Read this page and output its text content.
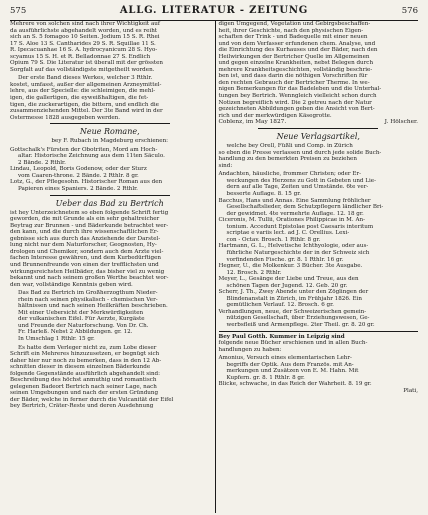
575	ALLG. LITERATUR - ZEITUNG	576

Mehrere von solchen sind nach ihrer Wichtigkeit auf

da ausführlichste abgehandelt worden, und es reiht

sich an S. 5 fomagoo 10 Seiten. Jodium 15 S. R. Rhei

17 S. Aloe 13 S. Cantharides 29 S. R. Squillae 11 S.

R. Ipecacuanhae 16 S. A. hydrocyanicum 28 S. Hyo-

scyamus 15 S. H. et R. Belladonnae 27 S. Endlich

Opium 79 S. Die Literatur ist überall mit der grössten

Sorgfalt auf das vollständigste mitgetheilt worden.

Der erste Band dieses Werkes, welcher 3 Rthlr.

kostet, umfasst, außer der allgemeinen Arzneymittel-

lehre, aus der Specielle: die schleimigen, die mehl-

igen, die gallertigen, die eyweißhaltigen, die fet-

tigen, die zuckerartigen, die bittern, und endlich die

zusammenziehenden Mittel. Der 3te Band wird in der

Ostermesse 1828 ausgegeben werden.

Neue Romane,

bey F. Rubach in Magdeburg erschienen:

Gottschalk's Fürsten der Obotriten, Mord am Hoch-

altar. Historische Zeichnung aus dem 11ten Säculo.

2 Bände. 2 Rthlr.

Lindau, Leopold, Boris Godenow, oder der Sturz

vom Caaren-throne. 2 Bände. 2 Rthlr. 8 gr.

Lotz, G., der Pflegesohn. Historischer Roman aus den

Papieren eines Spaniers. 2 Bände. 2 Rthlr.

Ueber das Bad zu Bertrich

ist hey Unterzeichnetem so eben folgende Schrift fertig

geworden, die mit Grunde als ein sehr gehaltreicher

Beytrag zur Brunnen - und Bäderkunde betrachtet wer-

den kann, und die durch ihre wissenschaftlichen Er-

gebnisse sich aus durch das Anziehende der Darstel-

lung nicht nur dem Naturforscher, Geognosten, Hy-

drologen und Chemiker, sondern auch dem Arzte viel-

fachen Interesse gewähren, und dem Kurbedürftigen

und Brunnenfreunde von einen der trefflichsten und

wirkungsreichsten Heilbäder, das bisher viel zu wenig

bekannt und nach seinem großen Werthe beachtet wor-

den war, vollständige Kenntnis geben wird.

Das Bad zu Bertrich im Großherzogthum Nieder-

rhein nach seinen physikalisch - chemischen Ver-

hältnissen und nach seinen Heilkräften beschrieben.

Mit einer Uebersicht der Merkwürdigkeiten

der vulkanischen Eifel. Für Aerzte, Kurgäste

und Freunde der Naturforschung. Von Dr. Ch.

Fr. Harleß. Nebst 2 Abbildungen. gr. 12.

In Umschlag 1 Rthlr. 15 gr.

Es hatte dem Verleger nicht zu, zum Lobe dieser

Schrift ein Mehreres hinzuzusetzen, er begnügt sich

daher hier nur noch zu bemerken, dass in den 12 Ab-

schnitten dieser in diesem einzelnen Bäderkunde

folgende Gegenstände ausführlich abgehandelt sind:

Beschreibung des höchst anmuthig und romantisch

gelegenen Badeort Bertrich nach seiner Lage, nach

seinen Umgebungen und nach der ersten Gründung

der Bäder, welche in ferner durch die Vulcanität der Eifel

bey Bertrich, Cräter-Reste und deren Ausdehnung

digen Umgegend, Vegetation und Gebirgsbeschaffen-

heit, ihrer Geschichte, nach den physischen Eigen-

schaften der Trink - und Badequelle mit einer neuen

und von dem Verfasser erfundenen chem. Analyse, und

die Einrichtung des Kurhauses und der Bäder, nach den

Heilwirkungen der Bertricher Quelle im Allgemeinen

und gegen einzelne Krankheiten, nebst Belegen durch

mehrere Krankheitsgeschichten, vollständig beschrie-

ben ist, und dass darin die nöthigen Vorschriften für

den rechten Gebrauch der Bertricher Therme. In we-

nigen Bemerkungen für das Badeleben und die Unterhal-

tungen bey Bertrich. Wenngleich vielleicht schon durch

Notizen begreiflich wird. Die 2 getreu nach der Natur

gezeichneten Abbildungen geben die Ansicht von Bert-

rich und der merkwürdigen Käsegrotte.

Coblenz, im May 1827.	J. Hölscher.
Neue Verlagsartikel,

welche bey Orell, Füßli und Comp. in Zürich

so eben die Presse verlassen und durch jede solide Buch-

handlung zu den bemerkten Preisen zu beziehen

sind:

Andachten, häusliche, frommer Christen; oder Er-

weckungen des Herzens zu Gott in Gebeten und Lie-

dern auf alle Tage, Zeiten und Umstände. 6te ver-

besserte Auflage. 8. 15 gr.

Bacchus, Hans und Annas. Eine Sammlung fröhlicher

Gesellschaftslieder, dem Schutzpflegern ländlicher Bri-

der gewidmet. 4te vermehrte Auflage. 12. 18 gr.

Ciceronis, M. Tullii, Orationes Philippicae in M. An-

tonium. Accedunt Epistolae post Caesaris interitum

scriptae e variis lect. ad J. C. Orellius. Lexi-

con - Octav. Brosch. 1 Rthlr. 8 gr.

Hartmann, G. L., Helvetische Ichthyologie, oder aus-

führliche Naturgeschichte der in der Schweiz sich

vorfindenden Fische. gr. 8. 1 Rthlr. 16 gr.

Hegner, U., die Molkenkur. 3 Bücher. 3te Ausgabe.

12. Brosch. 2 Rthlr.

Meyer, L., Gesänge der Liebe und Treue, aus den

schönen Tagen der Jugend. 12. Geb. 20 gr.

Scherr, J. Th., Zwey Abende unter den Zöglingen der

Blindenanstalt in Zürich, im Frühjahr 1826. Ein

gemütlichen Verlauf. 12. Brosch. 6 gr.

Verhandlungen, neue, der Schweizerischen gemein-

nützigen Gesellschaft, über Erziehungswesen, Ge-

werbsfleiß und Armenpflege. 2ter Theil. gr. 8. 20 gr.

Bey Paul Gotth. Kummer in Leipzig sind

folgende neue Bücher erschienen und in allen Buch-

handlungen zu haben:

Amonius, Versuch eines elementarischen Lehr-

begriffs der Optik. Aus dem Französ. mit An-

merkungen und Zusätzen von E. M. Hahn. Mit

Kupfern. gr. 8. 1 Rthlr. 8 gr.

Blicke, schwache, in das Reich der Wahrheit. 8. 19 gr.

Plati,
